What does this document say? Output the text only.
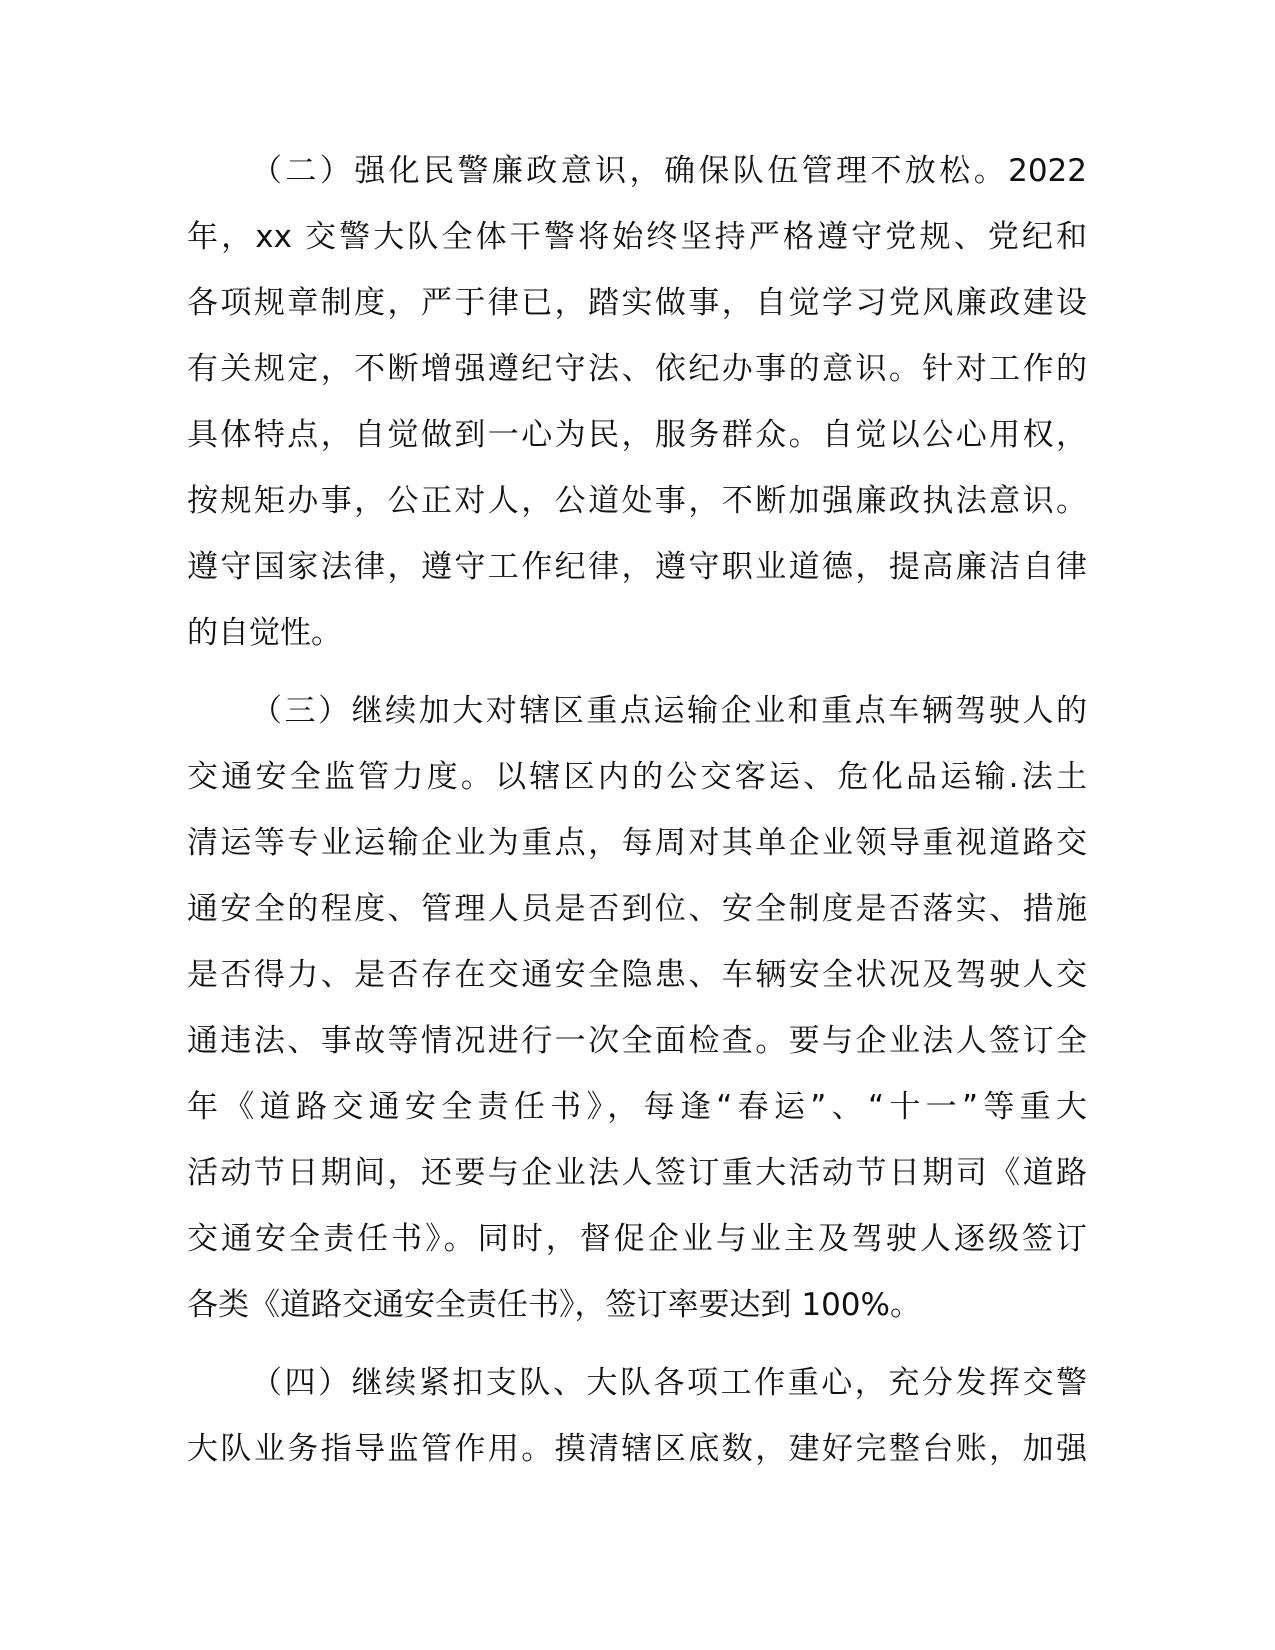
（二）强化民警廉政意识，确保队伍管理不放松。2022
年，xx 交警大队全体干警将始终坚持严格遵守党规、党纪和
各项规章制度，严于律已，踏实做事，自觉学习党风廉政建设
有关规定，不断增强遵纪守法、依纪办事的意识。针对工作的
具体特点，自觉做到一心为民，服务群众。自觉以公心用权，
按规矩办事，公正对人，公道处事，不断加强廉政执法意识。
遵守国家法律，遵守工作纪律，遵守职业道德，提高廉洁自律
的自觉性。
（三）继续加大对辖区重点运输企业和重点车辆驾驶人的
交通安全监管力度。以辖区内的公交客运、危化品运输.法土
清运等专业运输企业为重点，每周对其单企业领导重视道路交
通安全的程度、管理人员是否到位、安全制度是否落实、措施
是否得力、是否存在交通安全隐患、车辆安全状况及驾驶人交
通违法、事故等情况进行一次全面检查。要与企业法人签订全
年《道路交通安全责任书》，每逢“春运”、“十一”等重大
活动节日期间，还要与企业法人签订重大活动节日期司《道路
交通安全责任书》。同时，督促企业与业主及驾驶人逐级签订
各类《道路交通安全责任书》，签订率要达到 100%。
（四）继续紧扣支队、大队各项工作重心，充分发挥交警
大队业务指导监管作用。摸清辖区底数，建好完整台账，加强
